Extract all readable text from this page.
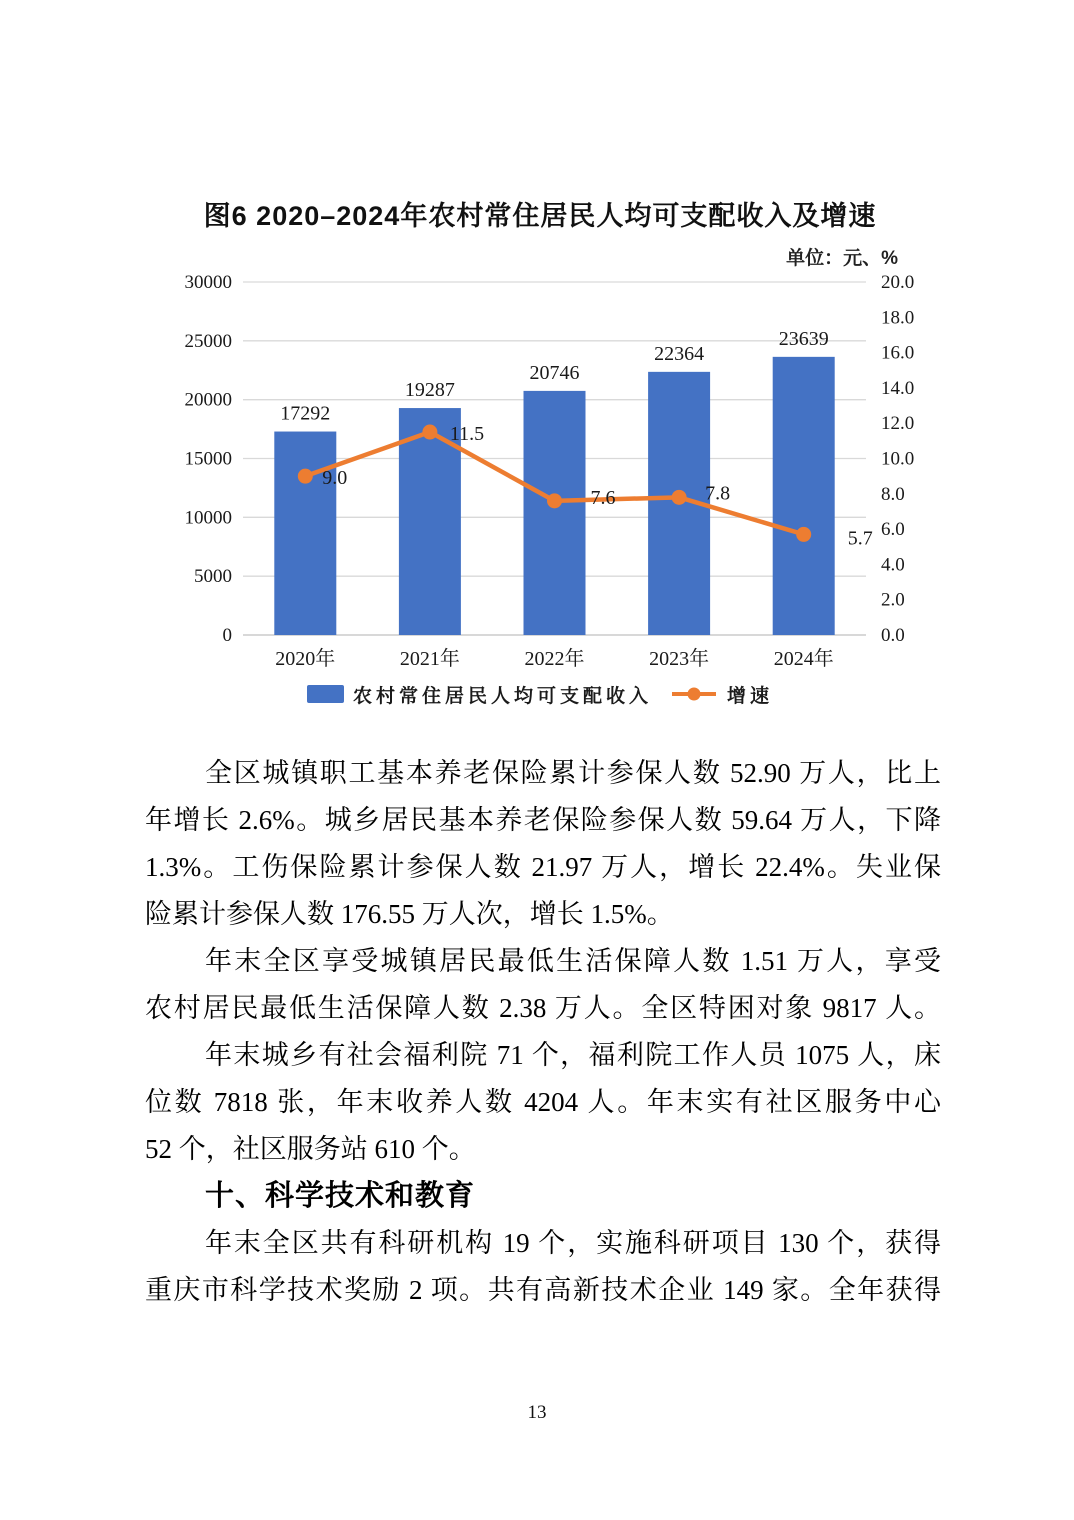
图6 2020–2024年农村常住居民人均可支配收入及增速
单位：元、%
30000
25000
20000
15000
10000
5000
0
20.0
18.0
16.0
14.0
12.0
10.0
8.0
6.0
4.0
2.0
0.0
17292
2020年
19287
2021年
20746
2022年
22364
2023年
23639
2024年
9.0
11.5
7.6	7.8
5.7
农村常住居民人均可支配收入	增速
全区城镇职工基本养老保险累计参保人数 52.90 万人，比上
年增长 2.6%。城乡居民基本养老保险参保人数 59.64 万人，下降
1.3%。工伤保险累计参保人数 21.97 万人，增长 22.4%。失业保
险累计参保人数 176.55 万人次，增长 1.5%。
年末全区享受城镇居民最低生活保障人数 1.51 万人，享受
农村居民最低生活保障人数 2.38 万人。全区特困对象 9817 人。
年末城乡有社会福利院 71 个，福利院工作人员 1075 人，床
位数 7818 张，年末收养人数 4204 人。年末实有社区服务中心
52 个，社区服务站 610 个。
十、科学技术和教育
年末全区共有科研机构 19 个，实施科研项目 130 个，获得
重庆市科学技术奖励 2 项。共有高新技术企业 149 家。全年获得
13
